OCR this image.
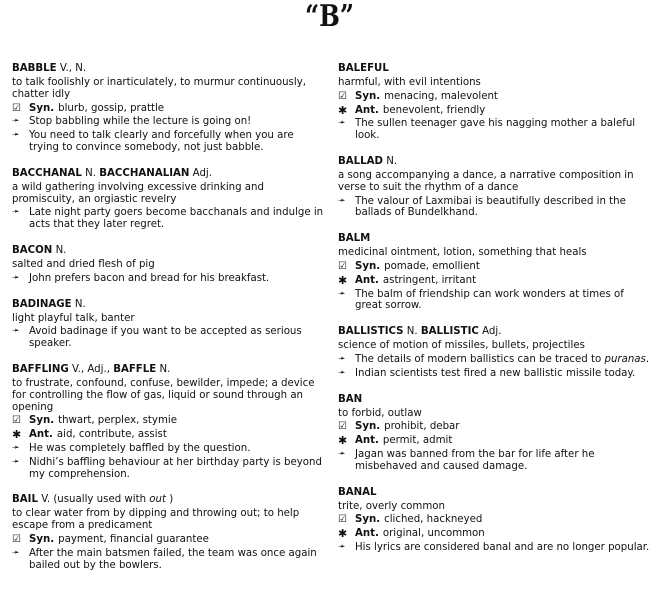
“B”
BABBLE V., N.
to talk foolishly or inarticulately, to murmur continuously, chatter idly
☑ Syn. blurb, gossip, prattle
➛ Stop babbling while the lecture is going on!
➛ You need to talk clearly and forcefully when you are trying to convince somebody, not just babble.
BACCHANAL N. BACCHANALIAN Adj.
a wild gathering involving excessive drinking and promiscuity, an orgiastic revelry
➛ Late night party goers become bacchanals and indulge in acts that they later regret.
BACON N.
salted and dried flesh of pig
➛ John prefers bacon and bread for his breakfast.
BADINAGE N.
light playful talk, banter
➛ Avoid badinage if you want to be accepted as serious speaker.
BAFFLING V., Adj., BAFFLE N.
to frustrate, confound, confuse, bewilder, impede; a device for controlling the flow of gas, liquid or sound through an opening
☑ Syn. thwart, perplex, stymie
✱ Ant. aid, contribute, assist
➛ He was completely baffled by the question.
➛ Nidhi’s baffling behaviour at her birthday party is beyond my comprehension.
BAIL V. (usually used with out )
to clear water from by dipping and throwing out; to help escape from a predicament
☑ Syn. payment, financial guarantee
➛ After the main batsmen failed, the team was once again bailed out by the bowlers.
BALEFUL
harmful, with evil intentions
☑ Syn. menacing, malevolent
✱ Ant. benevolent, friendly
➛ The sullen teenager gave his nagging mother a baleful look.
BALLAD N.
a song accompanying a dance, a narrative composition in verse to suit the rhythm of a dance
➛ The valour of Laxmibai is beautifully described in the ballads of Bundelkhand.
BALM
medicinal ointment, lotion, something that heals
☑ Syn. pomade, emollient
✱ Ant. astringent, irritant
➛ The balm of friendship can work wonders at times of great sorrow.
BALLISTICS N. BALLISTIC Adj.
science of motion of missiles, bullets, projectiles
➛ The details of modern ballistics can be traced to puranas.
➛ Indian scientists test fired a new ballistic missile today.
BAN
to forbid, outlaw
☑ Syn. prohibit, debar
✱ Ant. permit, admit
➛ Jagan was banned from the bar for life after he misbehaved and caused damage.
BANAL
trite, overly common
☑ Syn. cliched, hackneyed
✱ Ant. original, uncommon
➛ His lyrics are considered banal and are no longer popular.
